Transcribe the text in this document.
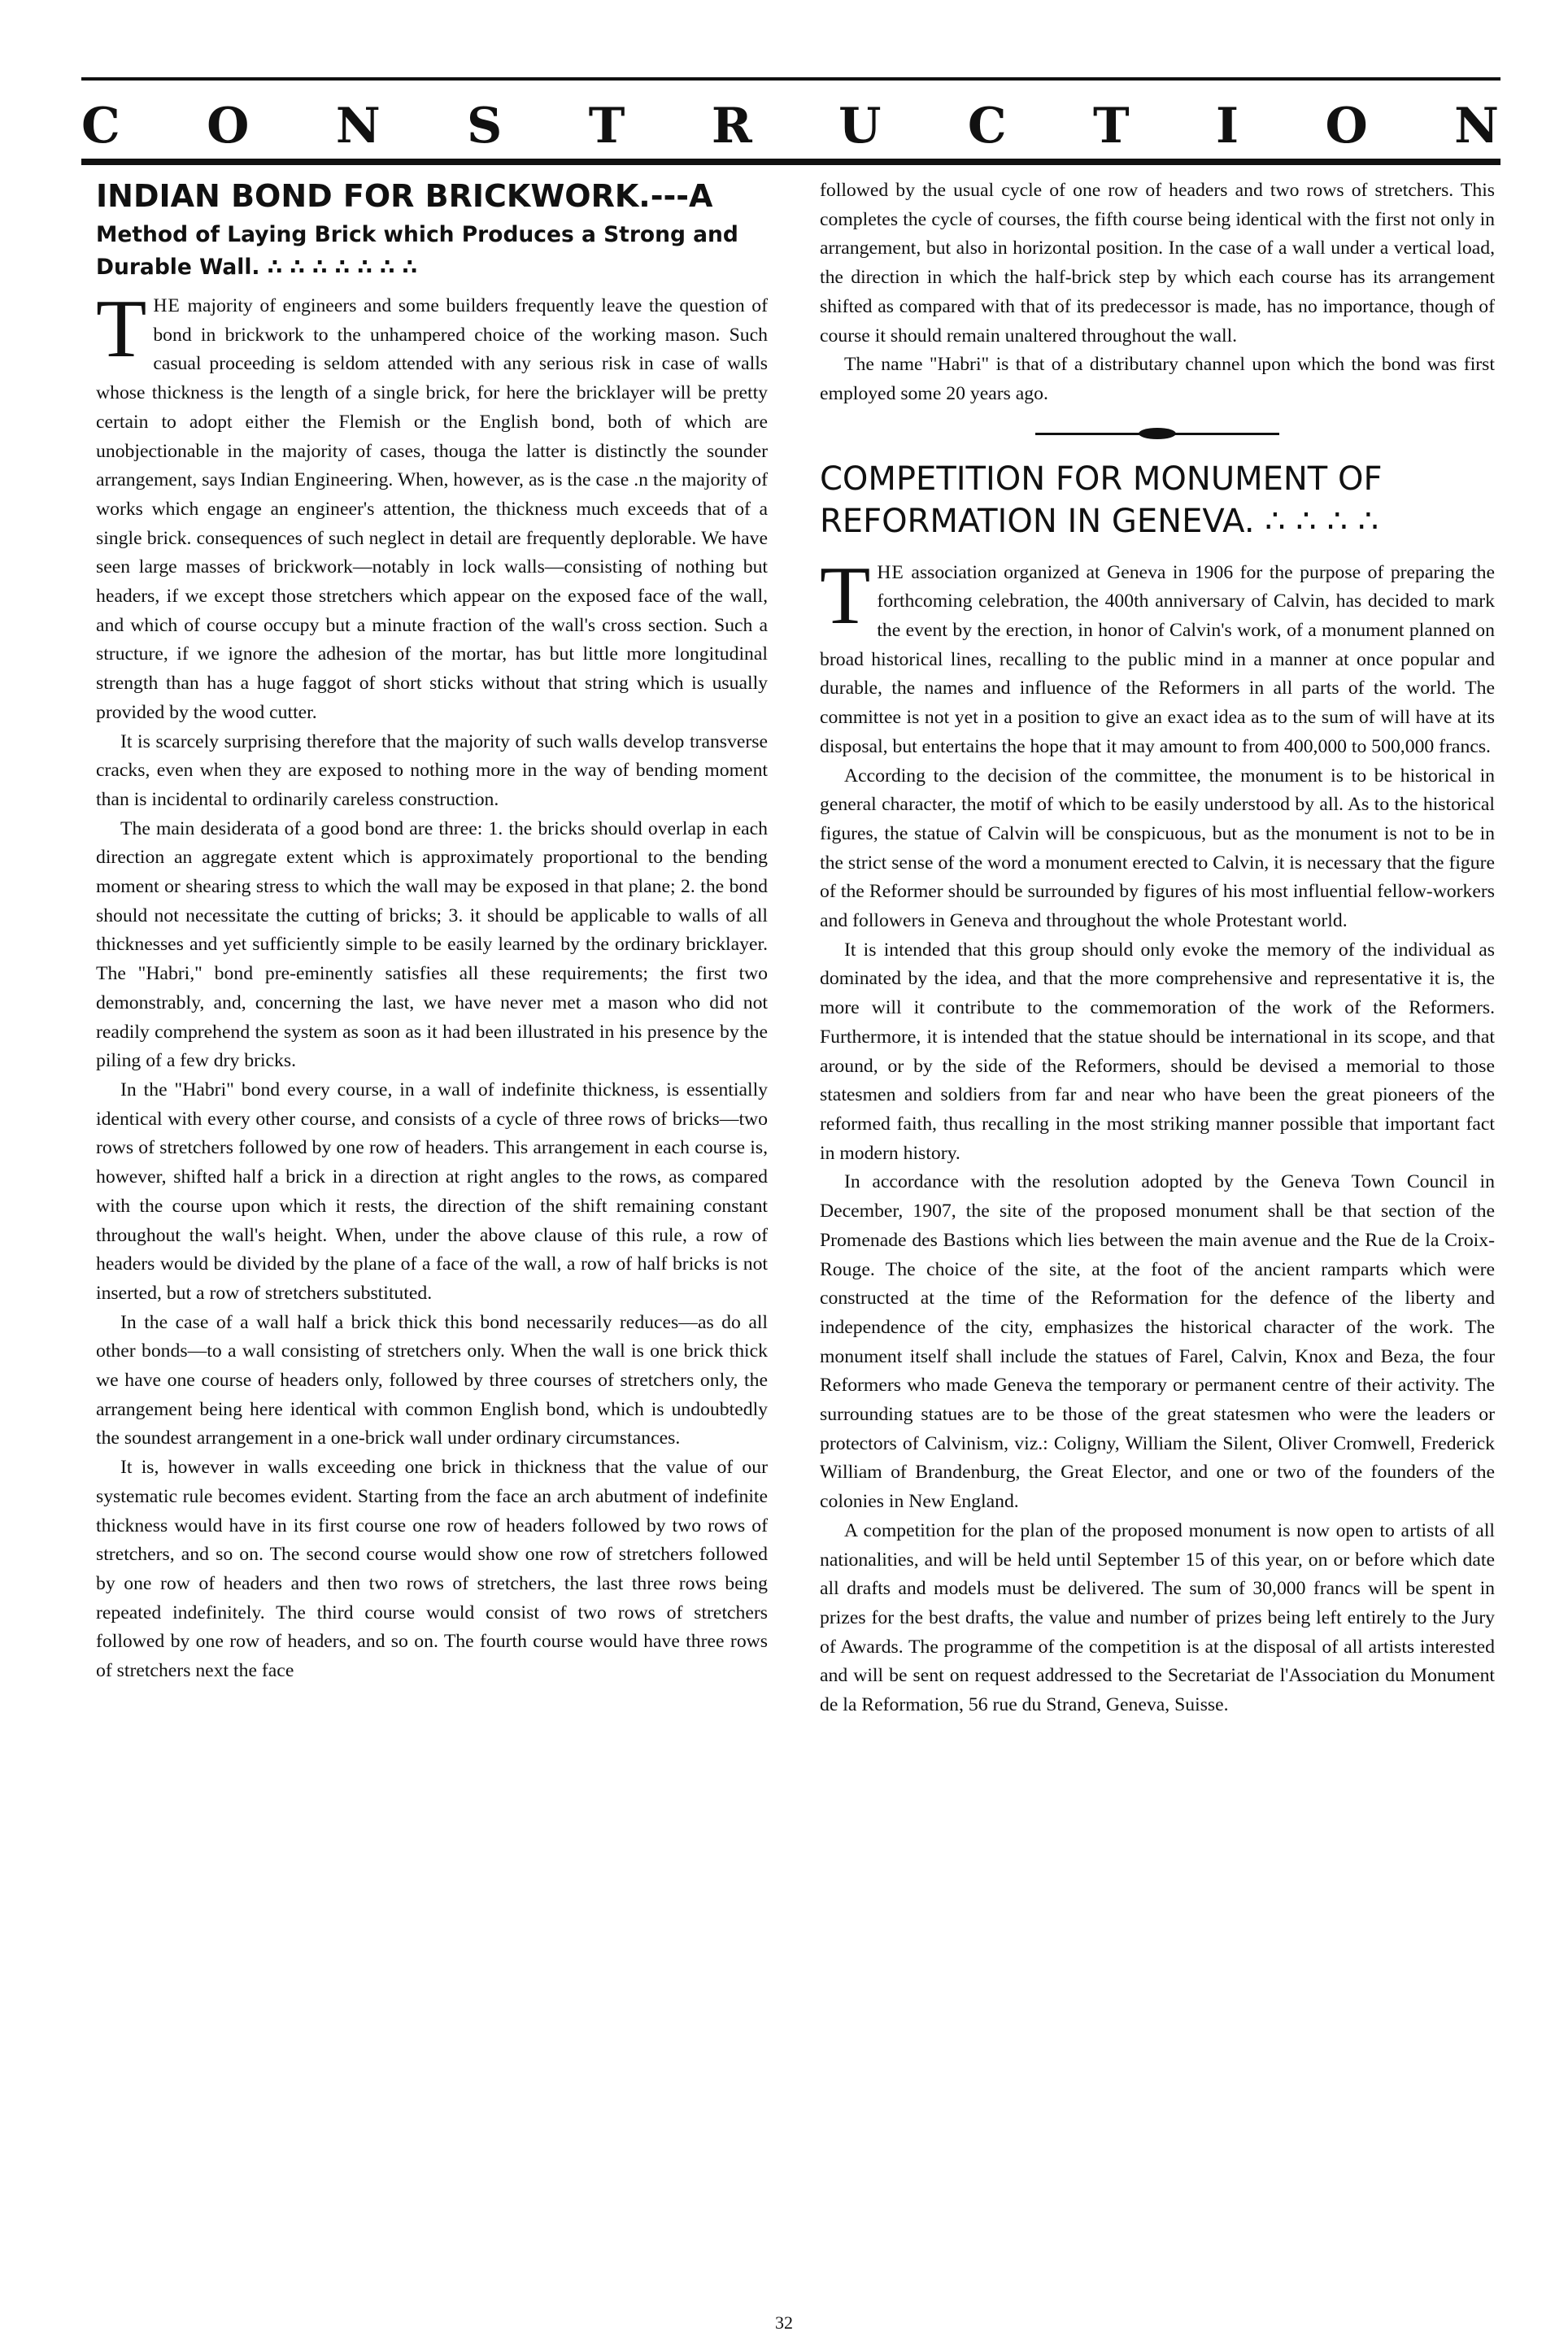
C O N S T R U C T I O N
INDIAN BOND FOR BRICKWORK.---A
Method of Laying Brick which Produces a Strong and Durable Wall. ∴ ∴ ∴ ∴ ∴ ∴ ∴

THE majority of engineers and some builders frequently leave the question of bond in brickwork to the unhampered choice of the working mason. Such casual proceeding is seldom attended with any serious risk in case of walls whose thickness is the length of a single brick, for here the bricklayer will be pretty certain to adopt either the Flemish or the English bond, both of which are unobjectionable in the majority of cases, thouga the latter is distinctly the sounder arrangement, says Indian Engineering. When, however, as is the case .n the majority of works which engage an engineer's attention, the thickness much exceeds that of a single brick. consequences of such neglect in detail are frequently deplorable. We have seen large masses of brickwork—notably in lock walls—consisting of nothing but headers, if we except those stretchers which appear on the exposed face of the wall, and which of course occupy but a minute fraction of the wall's cross section. Such a structure, if we ignore the adhesion of the mortar, has but little more longitudinal strength than has a huge faggot of short sticks without that string which is usually provided by the wood cutter.

It is scarcely surprising therefore that the majority of such walls develop transverse cracks, even when they are exposed to nothing more in the way of bending moment than is incidental to ordinarily careless construction.

The main desiderata of a good bond are three: 1. the bricks should overlap in each direction an aggregate extent which is approximately proportional to the bending moment or shearing stress to which the wall may be exposed in that plane; 2. the bond should not necessitate the cutting of bricks; 3. it should be applicable to walls of all thicknesses and yet sufficiently simple to be easily learned by the ordinary bricklayer. The "Habri," bond pre-eminently satisfies all these requirements; the first two demonstrably, and, concerning the last, we have never met a mason who did not readily comprehend the system as soon as it had been illustrated in his presence by the piling of a few dry bricks.

In the "Habri" bond every course, in a wall of indefinite thickness, is essentially identical with every other course, and consists of a cycle of three rows of bricks—two rows of stretchers followed by one row of headers. This arrangement in each course is, however, shifted half a brick in a direction at right angles to the rows, as compared with the course upon which it rests, the direction of the shift remaining constant throughout the wall's height. When, under the above clause of this rule, a row of headers would be divided by the plane of a face of the wall, a row of half bricks is not inserted, but a row of stretchers substituted.

In the case of a wall half a brick thick this bond necessarily reduces—as do all other bonds—to a wall consisting of stretchers only. When the wall is one brick thick we have one course of headers only, followed by three courses of stretchers only, the arrangement being here identical with common English bond, which is undoubtedly the soundest arrangement in a one-brick wall under ordinary circumstances.

It is, however in walls exceeding one brick in thickness that the value of our systematic rule becomes evident. Starting from the face an arch abutment of indefinite thickness would have in its first course one row of headers followed by two rows of stretchers, and so on. The second course would show one row of stretchers followed by one row of headers and then two rows of stretchers, the last three rows being repeated indefinitely. The third course would consist of two rows of stretchers followed by one row of headers, and so on. The fourth course would have three rows of stretchers next the face

followed by the usual cycle of one row of headers and two rows of stretchers. This completes the cycle of courses, the fifth course being identical with the first not only in arrangement, but also in horizontal position. In the case of a wall under a vertical load, the direction in which the half-brick step by which each course has its arrangement shifted as compared with that of its predecessor is made, has no importance, though of course it should remain unaltered throughout the wall.

The name "Habri" is that of a distributary channel upon which the bond was first employed some 20 years ago.

COMPETITION FOR MONUMENT OF REFORMATION IN GENEVA. ∴ ∴ ∴ ∴

THE association organized at Geneva in 1906 for the purpose of preparing the forthcoming celebration, the 400th anniversary of Calvin, has decided to mark the event by the erection, in honor of Calvin's work, of a monument planned on broad historical lines, recalling to the public mind in a manner at once popular and durable, the names and influence of the Reformers in all parts of the world. The committee is not yet in a position to give an exact idea as to the sum of will have at its disposal, but entertains the hope that it may amount to from 400,000 to 500,000 francs.

According to the decision of the committee, the monument is to be historical in general character, the motif of which to be easily understood by all. As to the historical figures, the statue of Calvin will be conspicuous, but as the monument is not to be in the strict sense of the word a monument erected to Calvin, it is necessary that the figure of the Reformer should be surrounded by figures of his most influential fellow-workers and followers in Geneva and throughout the whole Protestant world.

It is intended that this group should only evoke the memory of the individual as dominated by the idea, and that the more comprehensive and representative it is, the more will it contribute to the commemoration of the work of the Reformers. Furthermore, it is intended that the statue should be international in its scope, and that around, or by the side of the Reformers, should be devised a memorial to those statesmen and soldiers from far and near who have been the great pioneers of the reformed faith, thus recalling in the most striking manner possible that important fact in modern history.

In accordance with the resolution adopted by the Geneva Town Council in December, 1907, the site of the proposed monument shall be that section of the Promenade des Bastions which lies between the main avenue and the Rue de la Croix-Rouge. The choice of the site, at the foot of the ancient ramparts which were constructed at the time of the Reformation for the defence of the liberty and independence of the city, emphasizes the historical character of the work. The monument itself shall include the statues of Farel, Calvin, Knox and Beza, the four Reformers who made Geneva the temporary or permanent centre of their activity. The surrounding statues are to be those of the great statesmen who were the leaders or protectors of Calvinism, viz.: Coligny, William the Silent, Oliver Cromwell, Frederick William of Brandenburg, the Great Elector, and one or two of the founders of the colonies in New England.

A competition for the plan of the proposed monument is now open to artists of all nationalities, and will be held until September 15 of this year, on or before which date all drafts and models must be delivered. The sum of 30,000 francs will be spent in prizes for the best drafts, the value and number of prizes being left entirely to the Jury of Awards. The programme of the competition is at the disposal of all artists interested and will be sent on request addressed to the Secretariat de l'Association du Monument de la Reformation, 56 rue du Strand, Geneva, Suisse.

32
